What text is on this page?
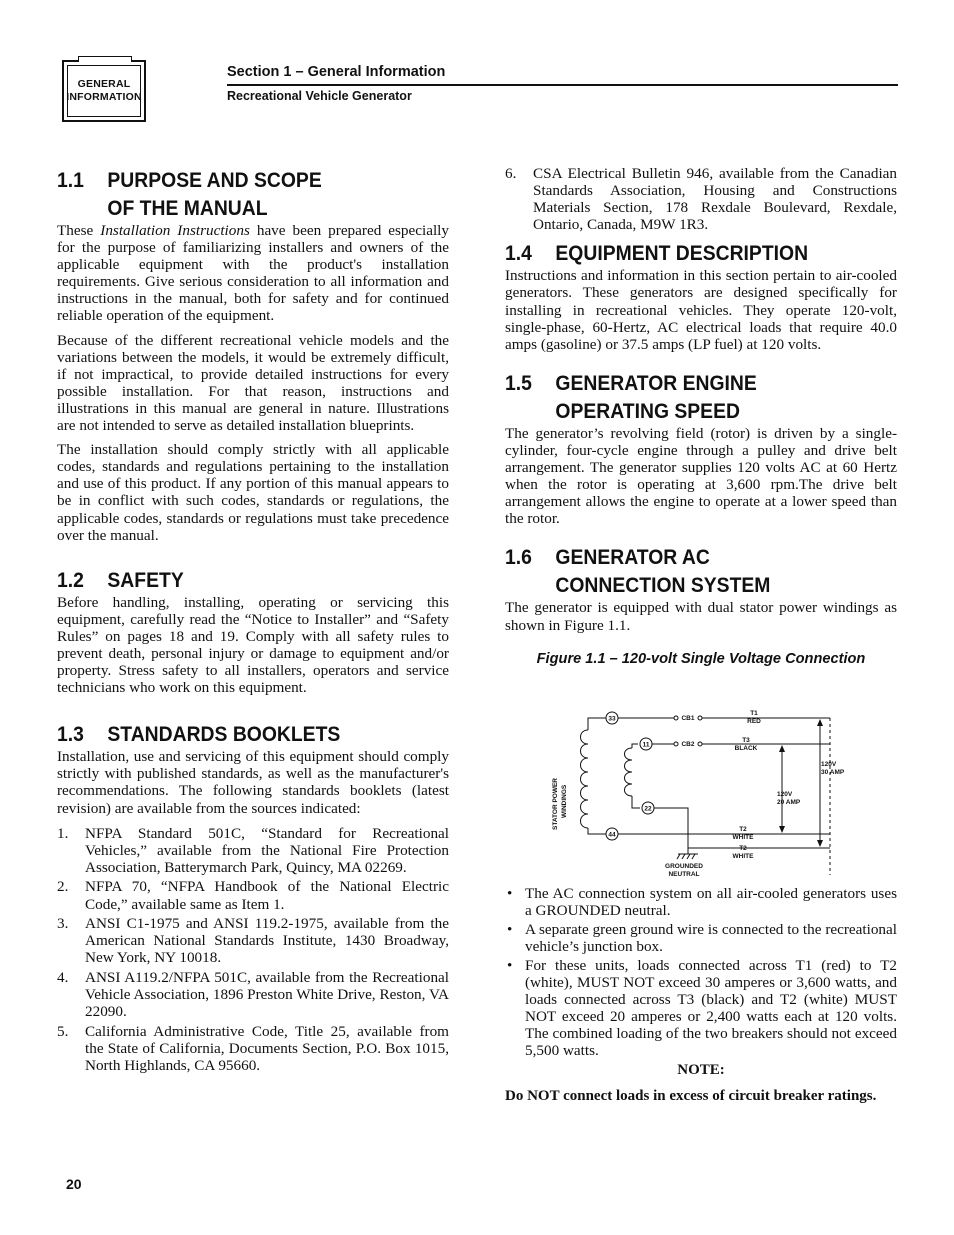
GENERAL
INFORMATION
Section 1 – General Information
Recreational Vehicle Generator
1.1	PURPOSE AND SCOPE
OF THE MANUAL

These Installation Instructions have been prepared especially for the purpose of familiarizing installers and owners of the applicable equipment with the product's installation requirements. Give serious consideration to all information and instructions in the manual, both for safety and for continued reliable operation of the equipment.

Because of the different recreational vehicle models and the variations between the models, it would be extremely difficult, if not impractical, to provide detailed instructions for every possible installation. For that reason, instructions and illustrations in this manual are general in nature. Illustrations are not intended to serve as detailed installation blueprints.

The installation should comply strictly with all applicable codes, standards and regulations pertaining to the installation and use of this product. If any portion of this manual appears to be in conflict with such codes, standards or regulations, the applicable codes, standards or regulations must take precedence over the manual.

1.2	SAFETY

Before handling, installing, operating or servicing this equipment, carefully read the “Notice to Installer” and “Safety Rules” on pages 18 and 19. Comply with all safety rules to prevent death, personal injury or damage to equipment and/or property. Stress safety to all installers, operators and service technicians who work on this equipment.

1.3	STANDARDS BOOKLETS

Installation, use and servicing of this equipment should comply strictly with published standards, as well as the manufacturer's recommendations. The following standards booklets (latest revision) are available from the sources indicated:

1.	NFPA Standard 501C, “Standard for Recreational Vehicles,” available from the National Fire Protection Association, Batterymarch Park, Quincy, MA 02269.
2.	NFPA 70, “NFPA Handbook of the National Electric Code,” available same as Item 1.
3.	ANSI C1-1975 and ANSI 119.2-1975, available from the American National Standards Institute, 1430 Broadway, New York, NY 10018.
4.	ANSI A119.2/NFPA 501C, available from the Recreational Vehicle Association, 1896 Preston White Drive, Reston, VA 22090.
5.	California Administrative Code, Title 25, available from the State of California, Documents Section, P.O. Box 1015, North Highlands, CA 95660.
6.	CSA Electrical Bulletin 946, available from the Canadian Standards Association, Housing and Constructions Materials Section, 178 Rexdale Boulevard, Rexdale, Ontario, Canada, M9W 1R3.
1.4	EQUIPMENT DESCRIPTION

Instructions and information in this section pertain to air-cooled generators. These generators are designed specifically for installing in recreational vehicles. They operate 120-volt, single-phase, 60-Hertz, AC electrical loads that require 40.0 amps (gasoline) or 37.5 amps (LP fuel) at 120 volts.

1.5	GENERATOR ENGINE
OPERATING SPEED

The generator’s revolving field (rotor) is driven by a single-cylinder, four-cycle engine through a pulley and drive belt arrangement. The generator supplies 120 volts AC at 60 Hertz when the rotor is operating at 3,600 rpm.The drive belt arrangement allows the engine to operate at a lower speed than the rotor.

1.6	GENERATOR AC
CONNECTION SYSTEM

The generator is equipped with dual stator power windings as shown in Figure 1.1.

Figure 1.1 – 120-volt Single Voltage Connection
• The AC connection system on all air-cooled generators uses a GROUNDED neutral.
• A separate green ground wire is connected to the recreational vehicle’s junction box.
• For these units, loads connected across T1 (red) to T2 (white), MUST NOT exceed 30 amperes or 3,600 watts, and loads connected across T3 (black) and T2 (white) MUST NOT exceed 20 amperes or 2,400 watts each at 120 volts. The combined loading of the two breakers should not exceed 5,500 watts.
NOTE:
Do NOT connect loads in excess of circuit breaker ratings.
33
11
22
44
CB1
CB2
T1
RED
T3
BLACK
T2
WHITE
T2
WHITE
120V
30 AMP
120V
20 AMP
GROUNDED
NEUTRAL
STATOR POWER WINDINGS
20
